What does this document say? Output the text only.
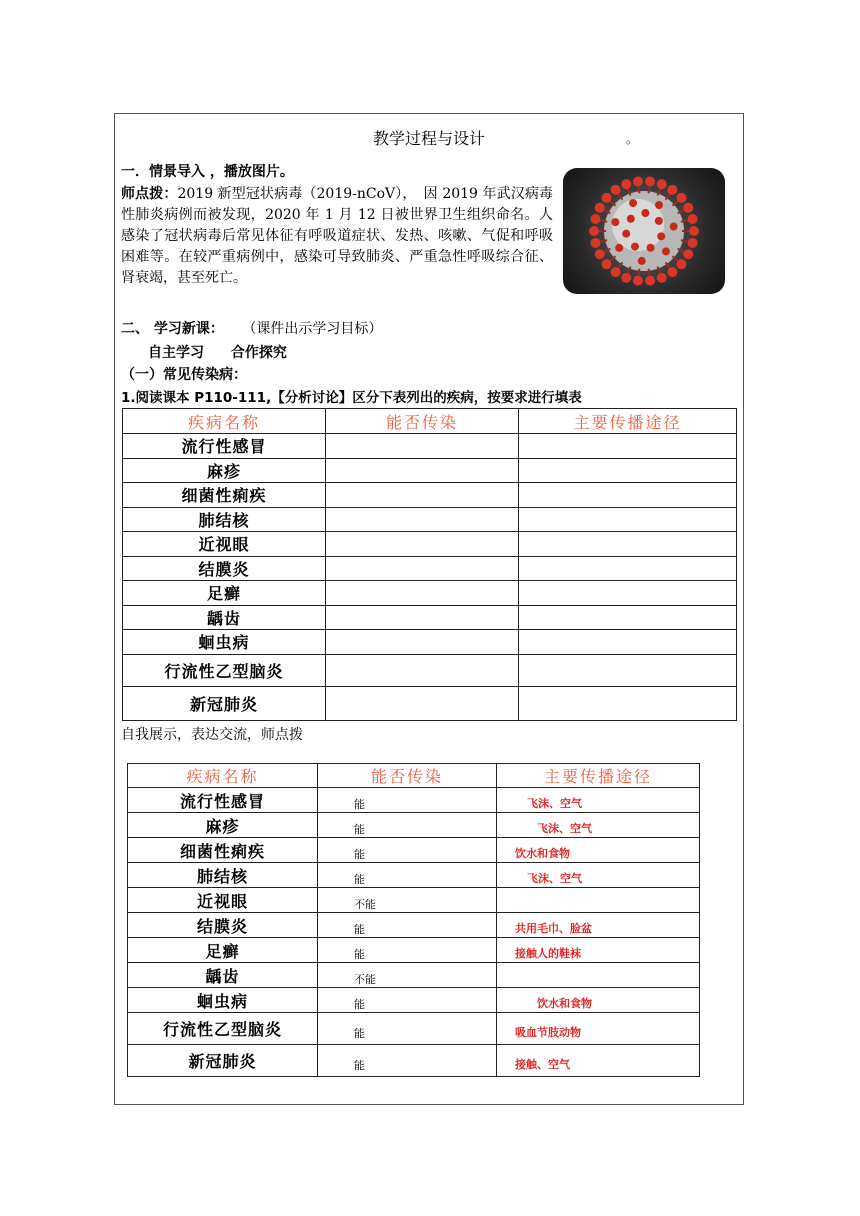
教学过程与设计	。
一．情景导入 ，播放图片。
师点拨：2019 新型冠状病毒（2019-nCoV），　因 2019 年武汉病毒性肺炎病例而被发现，2020 年 1 月 12 日被世界卫生组织命名。人感染了冠状病毒后常见体征有呼吸道症状、发热、咳嗽、气促和呼吸困难等。在较严重病例中，感染可导致肺炎、严重急性呼吸综合征、肾衰竭，甚至死亡。
二、 学习新课： （课件出示学习目标）
自主学习 合作探究
（一）常见传染病：
1.阅读课本 P110-111,【分析讨论】区分下表列出的疾病，按要求进行填表
疾病名称	能否传染	主要传播途径
流行性感冒		
麻疹		
细菌性痢疾		
肺结核		
近视眼		
结膜炎		
足癣		
龋齿		
蛔虫病		
行流性乙型脑炎		
新冠肺炎		
自我展示，表达交流，师点拨
疾病名称	能否传染	主要传播途径
流行性感冒	能	飞沫、空气
麻疹	能	飞沫、空气
细菌性痢疾	能	饮水和食物
肺结核	能	飞沫、空气
近视眼	不能	
结膜炎	能	共用毛巾、脸盆
足癣	能	接触人的鞋袜
龋齿	不能	
蛔虫病	能	饮水和食物
行流性乙型脑炎	能	吸血节肢动物
新冠肺炎	能	接触、空气
